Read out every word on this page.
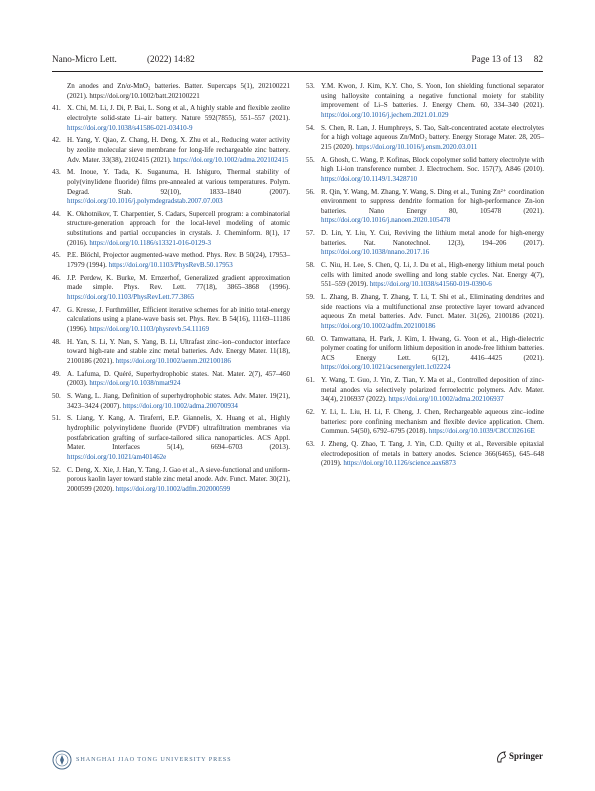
Nano-Micro Lett.	(2022) 14:82	Page 13 of 13     82
Zn anodes and Zn/α-MnO₂ batteries. Batter. Supercaps 5(1), 202100221 (2021). https://doi.org/10.1002/batt.202100221
41. X. Chi, M. Li, J. Di, P. Bai, L. Song et al., A highly stable and flexible zeolite electrolyte solid-state Li–air battery. Nature 592(7855), 551–557 (2021). https://doi.org/10.1038/s41586-021-03410-9
42. H. Yang, Y. Qiao, Z. Chang, H. Deng, X. Zhu et al., Reducing water activity by zeolite molecular sieve membrane for long-life rechargeable zinc battery. Adv. Mater. 33(38), 2102415 (2021). https://doi.org/10.1002/adma.202102415
43. M. Inoue, Y. Tada, K. Suganuma, H. Ishiguro, Thermal stability of poly(vinylidene fluoride) films pre-annealed at various temperatures. Polym. Degrad. Stab. 92(10), 1833–1840 (2007). https://doi.org/10.1016/j.polymdegradstab.2007.07.003
44. K. Okhotnikov, T. Charpentier, S. Cadars, Supercell program: a combinatorial structure-generation approach for the local-level modeling of atomic substitutions and partial occupancies in crystals. J. Cheminform. 8(1), 17 (2016). https://doi.org/10.1186/s13321-016-0129-3
45. P.E. Blöchl, Projector augmented-wave method. Phys. Rev. B 50(24), 17953–17979 (1994). https://doi.org/10.1103/PhysRevB.50.17953
46. J.P. Perdew, K. Burke, M. Ernzerhof, Generalized gradient approximation made simple. Phys. Rev. Lett. 77(18), 3865–3868 (1996). https://doi.org/10.1103/PhysRevLett.77.3865
47. G. Kresse, J. Furthmüller, Efficient iterative schemes for ab initio total-energy calculations using a plane-wave basis set. Phys. Rev. B 54(16), 11169–11186 (1996). https://doi.org/10.1103/physrevb.54.11169
48. H. Yan, S. Li, Y. Nan, S. Yang, B. Li, Ultrafast zinc–ion–conductor interface toward high-rate and stable zinc metal batteries. Adv. Energy Mater. 11(18), 2100186 (2021). https://doi.org/10.1002/aenm.202100186
49. A. Lafuma, D. Quéré, Superhydrophobic states. Nat. Mater. 2(7), 457–460 (2003). https://doi.org/10.1038/nmat924
50. S. Wang, L. Jiang, Definition of superhydrophobic states. Adv. Mater. 19(21), 3423–3424 (2007). https://doi.org/10.1002/adma.200700934
51. S. Liang, Y. Kang, A. Tiraferri, E.P. Giannelis, X. Huang et al., Highly hydrophilic polyvinylidene fluoride (PVDF) ultrafiltration membranes via postfabrication grafting of surface-tailored silica nanoparticles. ACS Appl. Mater. Interfaces 5(14), 6694–6703 (2013). https://doi.org/10.1021/am401462e
52. C. Deng, X. Xie, J. Han, Y. Tang, J. Gao et al., A sieve-functional and uniform-porous kaolin layer toward stable zinc metal anode. Adv. Funct. Mater. 30(21), 2000599 (2020). https://doi.org/10.1002/adfm.202000599
53. Y.M. Kwon, J. Kim, K.Y. Cho, S. Yoon, Ion shielding functional separator using halloysite containing a negative functional moiety for stability improvement of Li–S batteries. J. Energy Chem. 60, 334–340 (2021). https://doi.org/10.1016/j.jechem.2021.01.029
54. S. Chen, R. Lan, J. Humphreys, S. Tao, Salt-concentrated acetate electrolytes for a high voltage aqueous Zn/MnO₂ battery. Energy Storage Mater. 28, 205–215 (2020). https://doi.org/10.1016/j.ensm.2020.03.011
55. A. Ghosh, C. Wang, P. Kofinas, Block copolymer solid battery electrolyte with high Li-ion transference number. J. Electrochem. Soc. 157(7), A846 (2010). https://doi.org/10.1149/1.3428710
56. R. Qin, Y. Wang, M. Zhang, Y. Wang, S. Ding et al., Tuning Zn²⁺ coordination environment to suppress dendrite formation for high-performance Zn-ion batteries. Nano Energy 80, 105478 (2021). https://doi.org/10.1016/j.nanoen.2020.105478
57. D. Lin, Y. Liu, Y. Cui, Reviving the lithium metal anode for high-energy batteries. Nat. Nanotechnol. 12(3), 194–206 (2017). https://doi.org/10.1038/nnano.2017.16
58. C. Niu, H. Lee, S. Chen, Q. Li, J. Du et al., High-energy lithium metal pouch cells with limited anode swelling and long stable cycles. Nat. Energy 4(7), 551–559 (2019). https://doi.org/10.1038/s41560-019-0390-6
59. L. Zhang, B. Zhang, T. Zhang, T. Li, T. Shi et al., Eliminating dendrites and side reactions via a multifunctional znse protective layer toward advanced aqueous Zn metal batteries. Adv. Funct. Mater. 31(26), 2100186 (2021). https://doi.org/10.1002/adfm.202100186
60. O. Tamwattana, H. Park, J. Kim, I. Hwang, G. Yoon et al., High-dielectric polymer coating for uniform lithium deposition in anode-free lithium batteries. ACS Energy Lett. 6(12), 4416–4425 (2021). https://doi.org/10.1021/acsenergylett.1c02224
61. Y. Wang, T. Guo, J. Yin, Z. Tian, Y. Ma et al., Controlled deposition of zinc-metal anodes via selectively polarized ferroelectric polymers. Adv. Mater. 34(4), 2106937 (2022). https://doi.org/10.1002/adma.202106937
62. Y. Li, L. Liu, H. Li, F. Cheng, J. Chen, Rechargeable aqueous zinc–iodine batteries: pore confining mechanism and flexible device application. Chem. Commun. 54(50), 6792–6795 (2018). https://doi.org/10.1039/C8CC02616E
63. J. Zheng, Q. Zhao, T. Tang, J. Yin, C.D. Quilty et al., Reversible epitaxial electrodeposition of metals in battery anodes. Science 366(6465), 645–648 (2019). https://doi.org/10.1126/science.aax6873
SHANGHAI JIAO TONG UNIVERSITY PRESS	Springer
